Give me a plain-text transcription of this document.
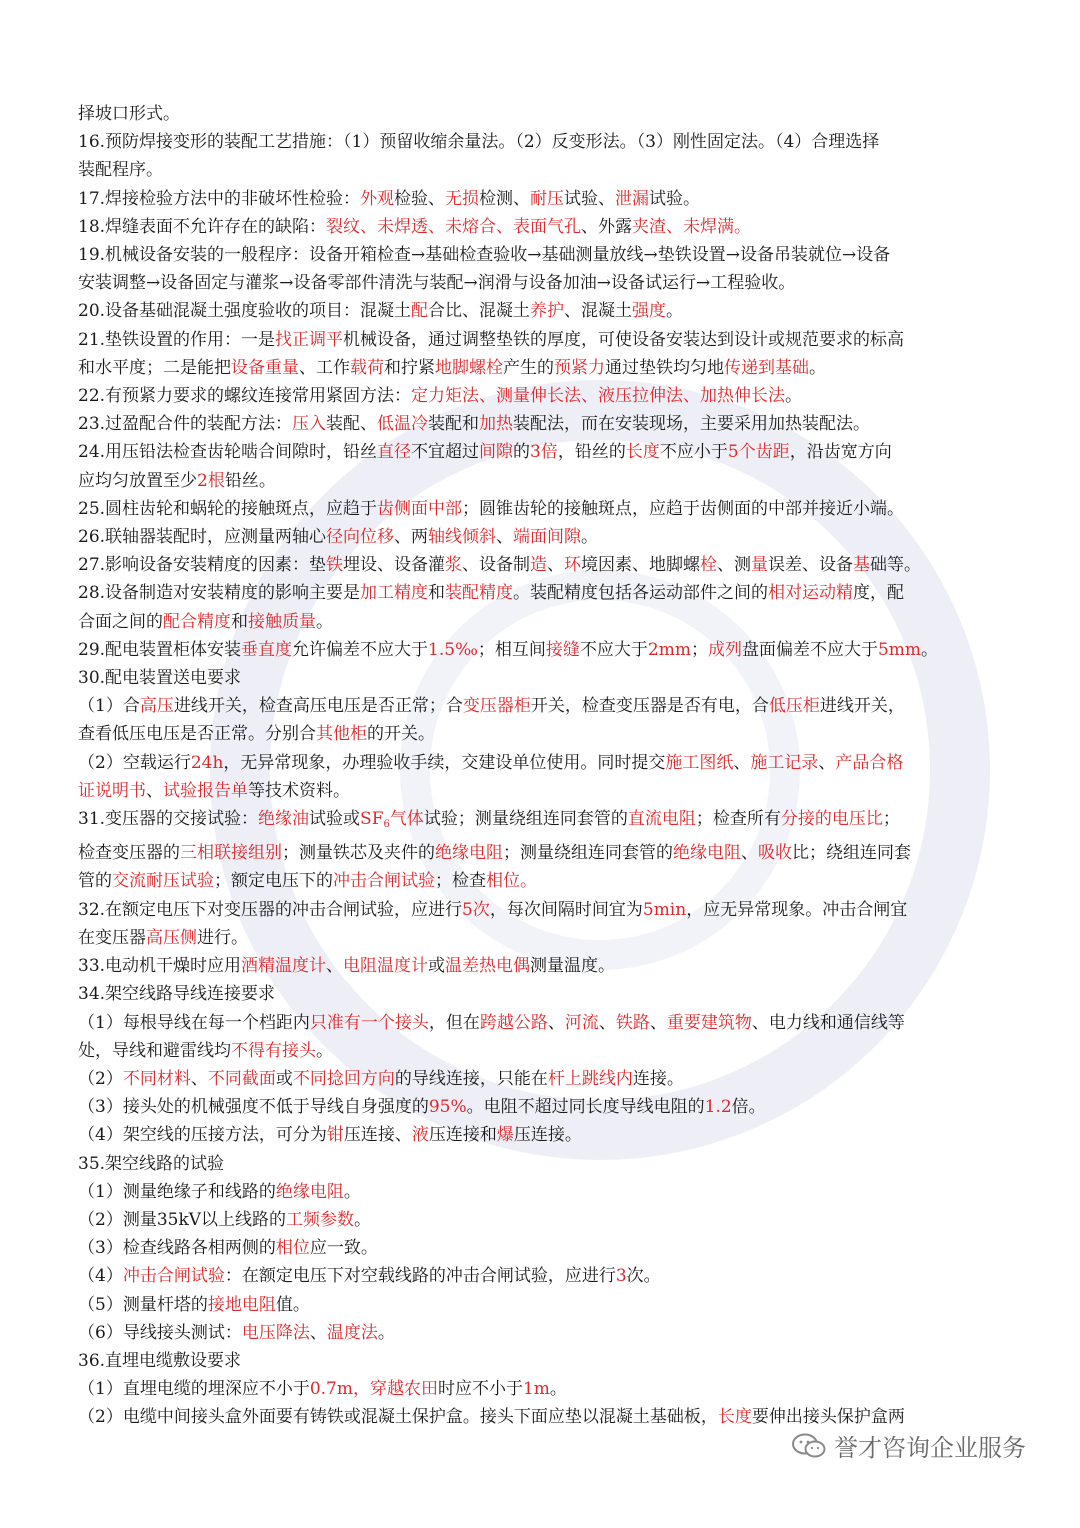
择坡口形式。

16.预防焊接变形的装配工艺措施：（1）预留收缩余量法。（2）反变形法。（3）刚性固定法。（4）合理选择

装配程序。

17.焊接检验方法中的非破坏性检验：外观检验、无损检测、耐压试验、泄漏试验。

18.焊缝表面不允许存在的缺陷：裂纹、未焊透、未熔合、表面气孔、外露夹渣、未焊满。

19.机械设备安装的一般程序：设备开箱检查→基础检查验收→基础测量放线→垫铁设置→设备吊装就位→设备

安装调整→设备固定与灌浆→设备零部件清洗与装配→润滑与设备加油→设备试运行→工程验收。

20.设备基础混凝土强度验收的项目：混凝土配合比、混凝土养护、混凝土强度。

21.垫铁设置的作用：一是找正调平机械设备，通过调整垫铁的厚度，可使设备安装达到设计或规范要求的标高

和水平度；二是能把设备重量、工作载荷和拧紧地脚螺栓产生的预紧力通过垫铁均匀地传递到基础。

22.有预紧力要求的螺纹连接常用紧固方法：定力矩法、测量伸长法、液压拉伸法、加热伸长法。

23.过盈配合件的装配方法：压入装配、低温冷装配和加热装配法，而在安装现场，主要采用加热装配法。

24.用压铅法检查齿轮啮合间隙时，铅丝直径不宜超过间隙的3倍，铅丝的长度不应小于5个齿距，沿齿宽方向

应均匀放置至少2根铅丝。

25.圆柱齿轮和蜗轮的接触斑点，应趋于齿侧面中部；圆锥齿轮的接触斑点，应趋于齿侧面的中部并接近小端。

26.联轴器装配时，应测量两轴心径向位移、两轴线倾斜、端面间隙。

27.影响设备安装精度的因素：垫铁埋设、设备灌浆、设备制造、环境因素、地脚螺栓、测量误差、设备基础等。

28.设备制造对安装精度的影响主要是加工精度和装配精度。装配精度包括各运动部件之间的相对运动精度，配

合面之间的配合精度和接触质量。

29.配电装置柜体安装垂直度允许偏差不应大于1.5‰；相互间接缝不应大于2mm；成列盘面偏差不应大于5mm。

30.配电装置送电要求

（1）合高压进线开关，检查高压电压是否正常；合变压器柜开关，检查变压器是否有电，合低压柜进线开关，

查看低压电压是否正常。分别合其他柜的开关。

（2）空载运行24h，无异常现象，办理验收手续，交建设单位使用。同时提交施工图纸、施工记录、产品合格

证说明书、试验报告单等技术资料。

31.变压器的交接试验：绝缘油试验或$SF_6$气体试验；测量绕组连同套管的直流电阻；检查所有分接的电压比；

检查变压器的三相联接组别；测量铁芯及夹件的绝缘电阻；测量绕组连同套管的绝缘电阻、吸收比；绕组连同套

管的交流耐压试验；额定电压下的冲击合闸试验；检查相位。

32.在额定电压下对变压器的冲击合闸试验，应进行5次，每次间隔时间宜为5min，应无异常现象。冲击合闸宜

在变压器高压侧进行。

33.电动机干燥时应用酒精温度计、电阻温度计或温差热电偶测量温度。

34.架空线路导线连接要求

（1）每根导线在每一个档距内只准有一个接头，但在跨越公路、河流、铁路、重要建筑物、电力线和通信线等

处，导线和避雷线均不得有接头。

（2）不同材料、不同截面或不同捻回方向的导线连接，只能在杆上跳线内连接。

（3）接头处的机械强度不低于导线自身强度的95%。电阻不超过同长度导线电阻的1.2倍。

（4）架空线的压接方法，可分为钳压连接、液压连接和爆压连接。

35.架空线路的试验

（1）测量绝缘子和线路的绝缘电阻。

（2）测量35kV以上线路的工频参数。

（3）检查线路各相两侧的相位应一致。

（4）冲击合闸试验：在额定电压下对空载线路的冲击合闸试验，应进行3次。

（5）测量杆塔的接地电阻值。

（6）导线接头测试：电压降法、温度法。

36.直埋电缆敷设要求

（1）直埋电缆的埋深应不小于0.7m，穿越农田时应不小于1m。

（2）电缆中间接头盒外面要有铸铁或混凝土保护盒。接头下面应垫以混凝土基础板，长度要伸出接头保护盒两

誉才咨询企业服务
